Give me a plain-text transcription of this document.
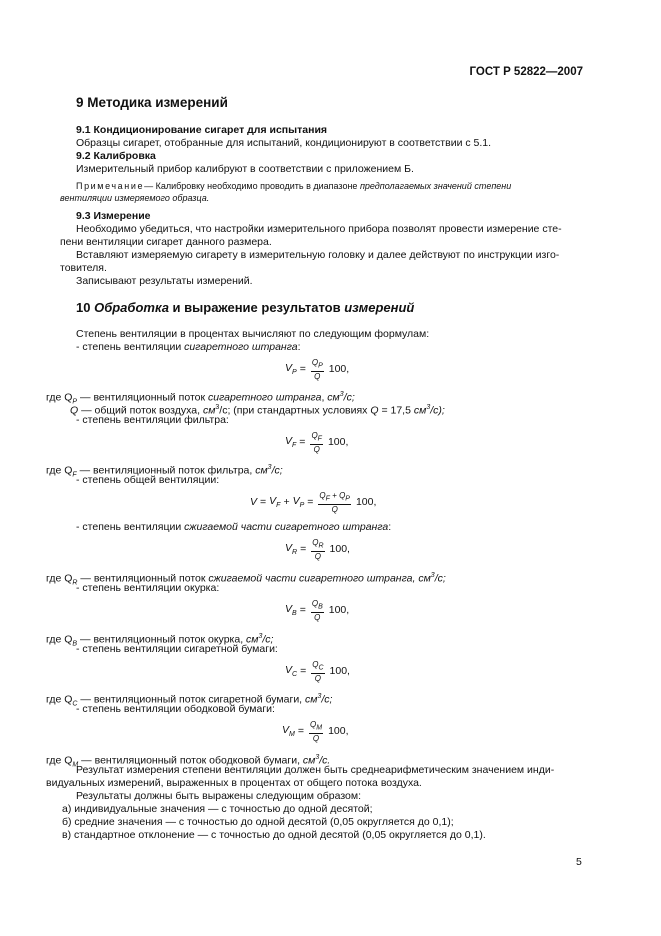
ГОСТ Р 52822—2007
9 Методика измерений
9.1 Кондиционирование сигарет для испытания
Образцы сигарет, отобранные для испытаний, кондиционируют в соответствии с 5.1.
9.2 Калибровка
Измерительный прибор калибруют в соответствии с приложением Б.
Примечание— Калибровку необходимо проводить в диапазоне предполагаемых значений степени
вентиляции измеряемого образца.
9.3 Измерение
Необходимо убедиться, что настройки измерительного прибора позволят провести измерение сте-
пени вентиляции сигарет данного размера.
Вставляют измеряемую сигарету в измерительную головку и далее действуют по инструкции изго-
товителя.
Записывают результаты измерений.
10 Обработка и выражение результатов измерений
Степень вентиляции в процентах вычисляют по следующим формулам:
- степень вентиляции сигаретного штранга:
$V_P = \frac{Q_P}{Q} 100$,
где $Q_P$ — вентиляционный поток сигаретного штранга, $см^3/с$;
Q — общий поток воздуха, $см^3/с$; (при стандартных условиях Q = 17,5 $см^3/с$);
- степень вентиляции фильтра:
$V_F = \frac{Q_F}{Q} 100$,
где $Q_F$ — вентиляционный поток фильтра, $см^3/с$;
- степень общей вентиляции:
$V = V_F + V_P = \frac{Q_F + Q_P}{Q} 100$,
- степень вентиляции сжигаемой части сигаретного штранга:
$V_R = \frac{Q_R}{Q} 100$,
где $Q_R$ — вентиляционный поток сжигаемой части сигаретного штранга, $см^3/с$;
- степень вентиляции окурка:
$V_B = \frac{Q_B}{Q} 100$,
где $Q_B$ — вентиляционный поток окурка, $см^3/с$;
- степень вентиляции сигаретной бумаги:
$V_C = \frac{Q_C}{Q} 100$,
где $Q_C$ — вентиляционный поток сигаретной бумаги, $см^3/с$;
- степень вентиляции ободковой бумаги:
$V_M = \frac{Q_M}{Q} 100$,
где $Q_M$ — вентиляционный поток ободковой бумаги, $см^3/с$.
Результат измерения степени вентиляции должен быть среднеарифметическим значением инди-
видуальных измерений, выраженных в процентах от общего потока воздуха.
Результаты должны быть выражены следующим образом:
а) индивидуальные значения — с точностью до одной десятой;
б) средние значения — с точностью до одной десятой (0,05 округляется до 0,1);
в) стандартное отклонение — с точностью до одной десятой (0,05 округляется до 0,1).
5
